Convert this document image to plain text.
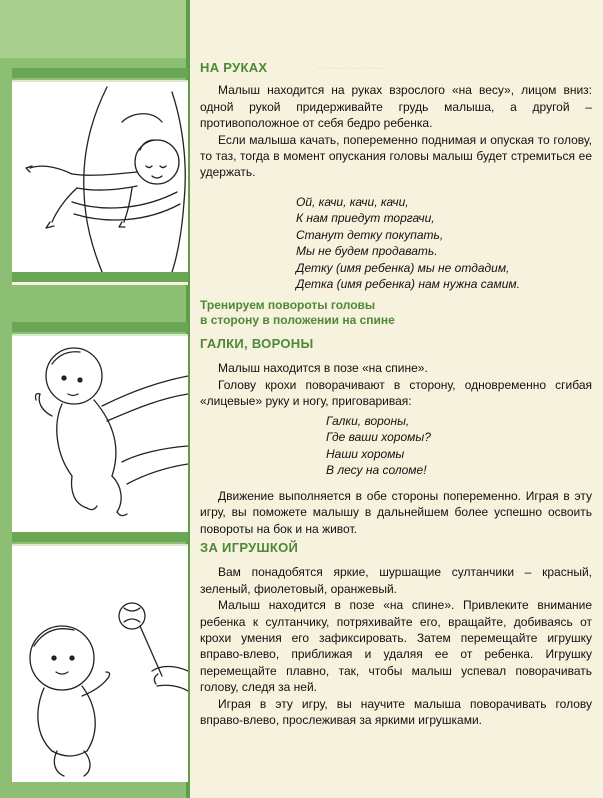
·····················
НА РУКАХ

Малыш находится на руках взрослого «на весу», лицом вниз: одной рукой придерживайте грудь малыша, а другой – противоположное от себя бедро ребенка.

Если малыша качать, попеременно поднимая и опуская то голову, то таз, тогда в момент опускания головы малыш будет стремиться ее удержать.

Ой, качи, качи, качи,

К нам приедут торгачи,

Станут детку покупать,

Мы не будем продавать.

Детку (имя ребенка) мы не отдадим,

Детка (имя ребенка) нам нужна самим.

Тренируем повороты головы
в сторону в положении на спине
ГАЛКИ, ВОРОНЫ

Малыш находится в позе «на спине».

Голову крохи поворачивают в сторону, одновременно сгибая «лицевые» руку и ногу, приговаривая:

Галки, вороны,

Где ваши хоромы?

Наши хоромы

В лесу на соломе!

Движение выполняется в обе стороны попеременно. Играя в эту игру, вы поможете малышу в дальнейшем более успешно освоить повороты на бок и на живот.

ЗА ИГРУШКОЙ

Вам понадобятся яркие, шуршащие султанчики – красный, зеленый, фиолетовый, оранжевый.

Малыш находится в позе «на спине». Привлеките внимание ребенка к султанчику, потряхивайте его, вращайте, добиваясь от крохи умения его зафиксировать. Затем перемещайте игрушку вправо-влево, приближая и удаляя ее от ребенка. Игрушку перемещайте плавно, так, чтобы малыш успевал поворачивать голову, следя за ней.

Играя в эту игру, вы научите малыша поворачивать голову вправо-влево, прослеживая за яркими игрушками.
